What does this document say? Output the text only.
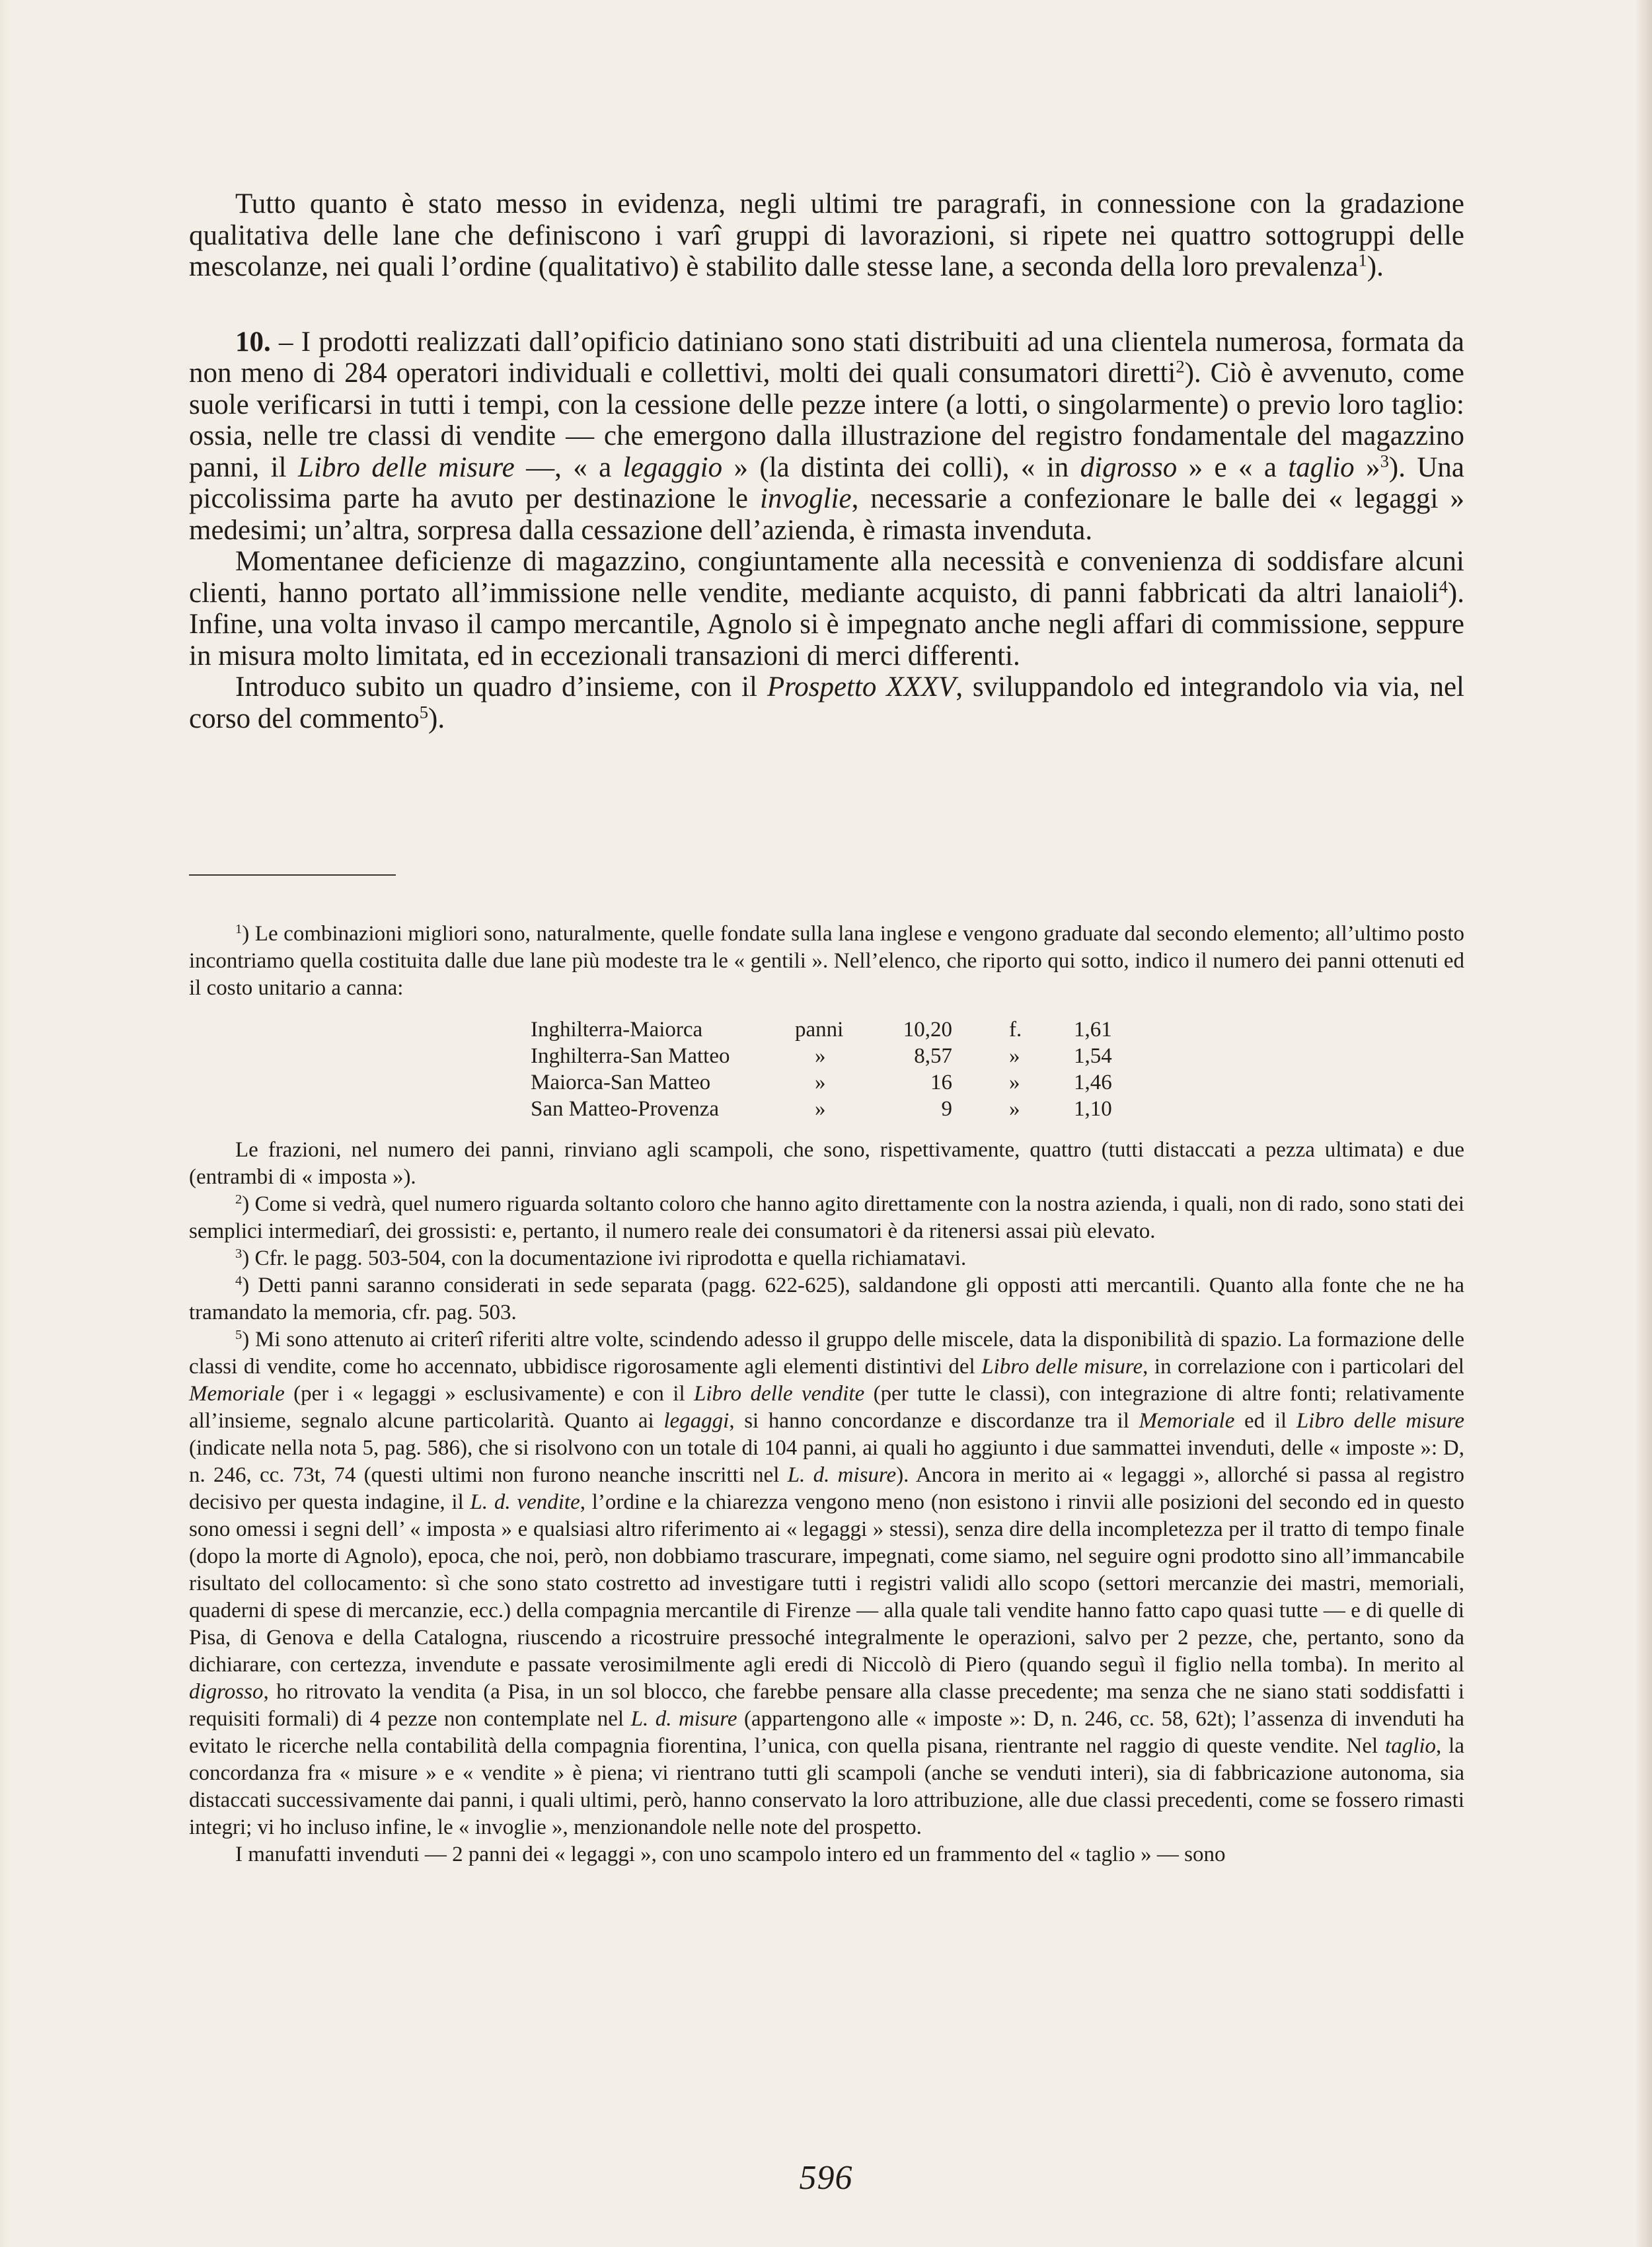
Tutto quanto è stato messo in evidenza, negli ultimi tre paragrafi, in connessione con la gradazione qualitativa delle lane che definiscono i varî gruppi di lavorazioni, si ripete nei quattro sottogruppi delle mescolanze, nei quali l’ordine (qualitativo) è stabilito dalle stesse lane, a seconda della loro prevalenza$^1$).

10. – I prodotti realizzati dall’opificio datiniano sono stati distribuiti ad una clientela numerosa, formata da non meno di 284 operatori individuali e collettivi, molti dei quali consumatori diretti$^2$). Ciò è avvenuto, come suole verificarsi in tutti i tempi, con la cessione delle pezze intere (a lotti, o singolarmente) o previo loro taglio: ossia, nelle tre classi di vendite — che emergono dalla illustrazione del registro fondamentale del magazzino panni, il Libro delle misure —, « a legaggio » (la distinta dei colli), « in digrosso » e « a taglio »$^3$). Una piccolissima parte ha avuto per destinazione le invoglie, necessarie a confezionare le balle dei « legaggi » medesimi; un’altra, sorpresa dalla cessazione dell’azienda, è rimasta invenduta.

Momentanee deficienze di magazzino, congiuntamente alla necessità e convenienza di soddisfare alcuni clienti, hanno portato all’immissione nelle vendite, mediante acquisto, di panni fabbricati da altri lanaioli$^4$). Infine, una volta invaso il campo mercantile, Agnolo si è impegnato anche negli affari di commissione, seppure in misura molto limitata, ed in eccezionali transazioni di merci differenti.

Introduco subito un quadro d’insieme, con il Prospetto XXXV, sviluppandolo ed integrandolo via via, nel corso del commento$^5$).

$^1$) Le combinazioni migliori sono, naturalmente, quelle fondate sulla lana inglese e vengono graduate dal secondo elemento; all’ultimo posto incontriamo quella costituita dalle due lane più modeste tra le « gentili ». Nell’elenco, che riporto qui sotto, indico il numero dei panni ottenuti ed il costo unitario a canna:

Inghilterra-Maiorca	panni	10,20	f.	1,61
Inghilterra-San Matteo	»	8,57	»	1,54
Maiorca-San Matteo	»	16	»	1,46
San Matteo-Provenza	»	9	»	1,10

Le frazioni, nel numero dei panni, rinviano agli scampoli, che sono, rispettivamente, quattro (tutti distaccati a pezza ultimata) e due (entrambi di « imposta »).

$^2$) Come si vedrà, quel numero riguarda soltanto coloro che hanno agito direttamente con la nostra azienda, i quali, non di rado, sono stati dei semplici intermediarî, dei grossisti: e, pertanto, il numero reale dei consumatori è da ritenersi assai più elevato.

$^3$) Cfr. le pagg. 503-504, con la documentazione ivi riprodotta e quella richiamatavi.

$^4$) Detti panni saranno considerati in sede separata (pagg. 622-625), saldandone gli opposti atti mercantili. Quanto alla fonte che ne ha tramandato la memoria, cfr. pag. 503.

$^5$) Mi sono attenuto ai criterî riferiti altre volte, scindendo adesso il gruppo delle miscele, data la disponibilità di spazio. La formazione delle classi di vendite, come ho accennato, ubbidisce rigorosamente agli elementi distintivi del Libro delle misure, in correlazione con i particolari del Memoriale (per i « legaggi » esclusivamente) e con il Libro delle vendite (per tutte le classi), con integrazione di altre fonti; relativamente all’insieme, segnalo alcune particolarità. Quanto ai legaggi, si hanno concordanze e discordanze tra il Memoriale ed il Libro delle misure (indicate nella nota 5, pag. 586), che si risolvono con un totale di 104 panni, ai quali ho aggiunto i due sammattei invenduti, delle « imposte »: D, n. 246, cc. 73t, 74 (questi ultimi non furono neanche inscritti nel L. d. misure). Ancora in merito ai « legaggi », allorché si passa al registro decisivo per questa indagine, il L. d. vendite, l’ordine e la chiarezza vengono meno (non esistono i rinvii alle posizioni del secondo ed in questo sono omessi i segni dell’ « imposta » e qualsiasi altro riferimento ai « legaggi » stessi), senza dire della incompletezza per il tratto di tempo finale (dopo la morte di Agnolo), epoca, che noi, però, non dobbiamo trascurare, impegnati, come siamo, nel seguire ogni prodotto sino all’immancabile risultato del collocamento: sì che sono stato costretto ad investigare tutti i registri validi allo scopo (settori mercanzie dei mastri, memoriali, quaderni di spese di mercanzie, ecc.) della compagnia mercantile di Firenze — alla quale tali vendite hanno fatto capo quasi tutte — e di quelle di Pisa, di Genova e della Catalogna, riuscendo a ricostruire pressoché integralmente le operazioni, salvo per 2 pezze, che, pertanto, sono da dichiarare, con certezza, invendute e passate verosimilmente agli eredi di Niccolò di Piero (quando seguì il figlio nella tomba). In merito al digrosso, ho ritrovato la vendita (a Pisa, in un sol blocco, che farebbe pensare alla classe precedente; ma senza che ne siano stati soddisfatti i requisiti formali) di 4 pezze non contemplate nel L. d. misure (appartengono alle « imposte »: D, n. 246, cc. 58, 62t); l’assenza di invenduti ha evitato le ricerche nella contabilità della compagnia fiorentina, l’unica, con quella pisana, rientrante nel raggio di queste vendite. Nel taglio, la concordanza fra « misure » e « vendite » è piena; vi rientrano tutti gli scampoli (anche se venduti interi), sia di fabbricazione autonoma, sia distaccati successivamente dai panni, i quali ultimi, però, hanno conservato la loro attribuzione, alle due classi precedenti, come se fossero rimasti integri; vi ho incluso infine, le « invoglie », menzionandole nelle note del prospetto.

I manufatti invenduti — 2 panni dei « legaggi », con uno scampolo intero ed un frammento del « taglio » — sono

596
